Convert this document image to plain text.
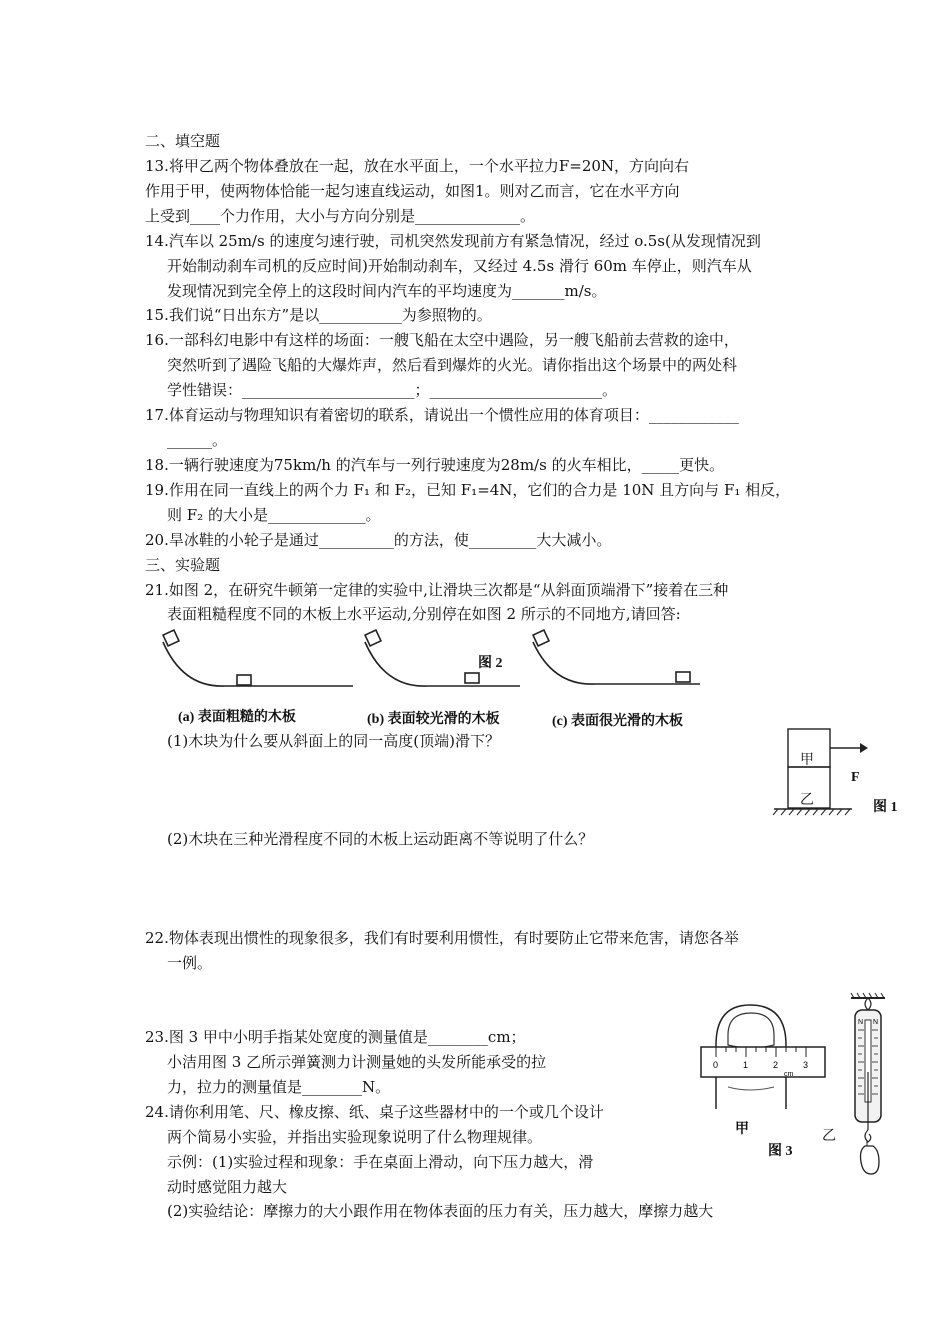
二、填空题
13.将甲乙两个物体叠放在一起，放在水平面上，一个水平拉力F=20N，方向向右
作用于甲，使两物体恰能一起匀速直线运动，如图1。则对乙而言，它在水平方向
上受到____个力作用，大小与方向分别是______________。
14.汽车以 25m/s 的速度匀速行驶，司机突然发现前方有紧急情况，经过 o.5s(从发现情况到
开始制动刹车司机的反应时间)开始制动刹车，又经过 4.5s 滑行 60m 车停止，则汽车从
发现情况到完全停上的这段时间内汽车的平均速度为_______m/s。
15.我们说“日出东方”是以___________为参照物的。
16.一部科幻电影中有这样的场面：一艘飞船在太空中遇险，另一艘飞船前去营救的途中，
突然听到了遇险飞船的大爆炸声，然后看到爆炸的火光。请你指出这个场景中的两处科
学性错误：_______________________；_______________________。
17.体育运动与物理知识有着密切的联系，请说出一个惯性应用的体育项目：____________
______。
18.一辆行驶速度为75km/h 的汽车与一列行驶速度为28m/s 的火车相比，_____更快。
19.作用在同一直线上的两个力 F₁ 和 F₂，已知 F₁=4N，它们的合力是 10N 且方向与 F₁ 相反，
则 F₂ 的大小是_____________。
20.旱冰鞋的小轮子是通过__________的方法，使_________大大减小。
三、实验题
21.如图 2，在研究牛顿第一定律的实验中,让滑块三次都是“从斜面顶端滑下”接着在三种
表面粗糙程度不同的木板上水平运动,分别停在如图 2 所示的不同地方,请回答:
图 2
(a) 表面粗糙的木板	(b) 表面较光滑的木板	(c) 表面很光滑的木板
(1)木块为什么要从斜面上的同一高度(顶端)滑下？
甲
乙
F
图 1
(2)木块在三种光滑程度不同的木板上运动距离不等说明了什么？
22.物体表现出惯性的现象很多，我们有时要利用惯性，有时要防止它带来危害，请您各举
一例。
23.图 3 甲中小明手指某处宽度的测量值是________cm；
小洁用图 3 乙所示弹簧测力计测量她的头发所能承受的拉
力，拉力的测量值是________N。
24.请你利用笔、尺、橡皮擦、纸、桌子这些器材中的一个或几个设计
两个简易小实验，并指出实验现象说明了什么物理规律。
示例：(1)实验过程和现象：手在桌面上滑动，向下压力越大，滑
动时感觉阻力越大
(2)实验结论：摩擦力的大小跟作用在物体表面的压力有关，压力越大，摩擦力越大
0	1	2	3
cm
甲
图 3
N N
乙
